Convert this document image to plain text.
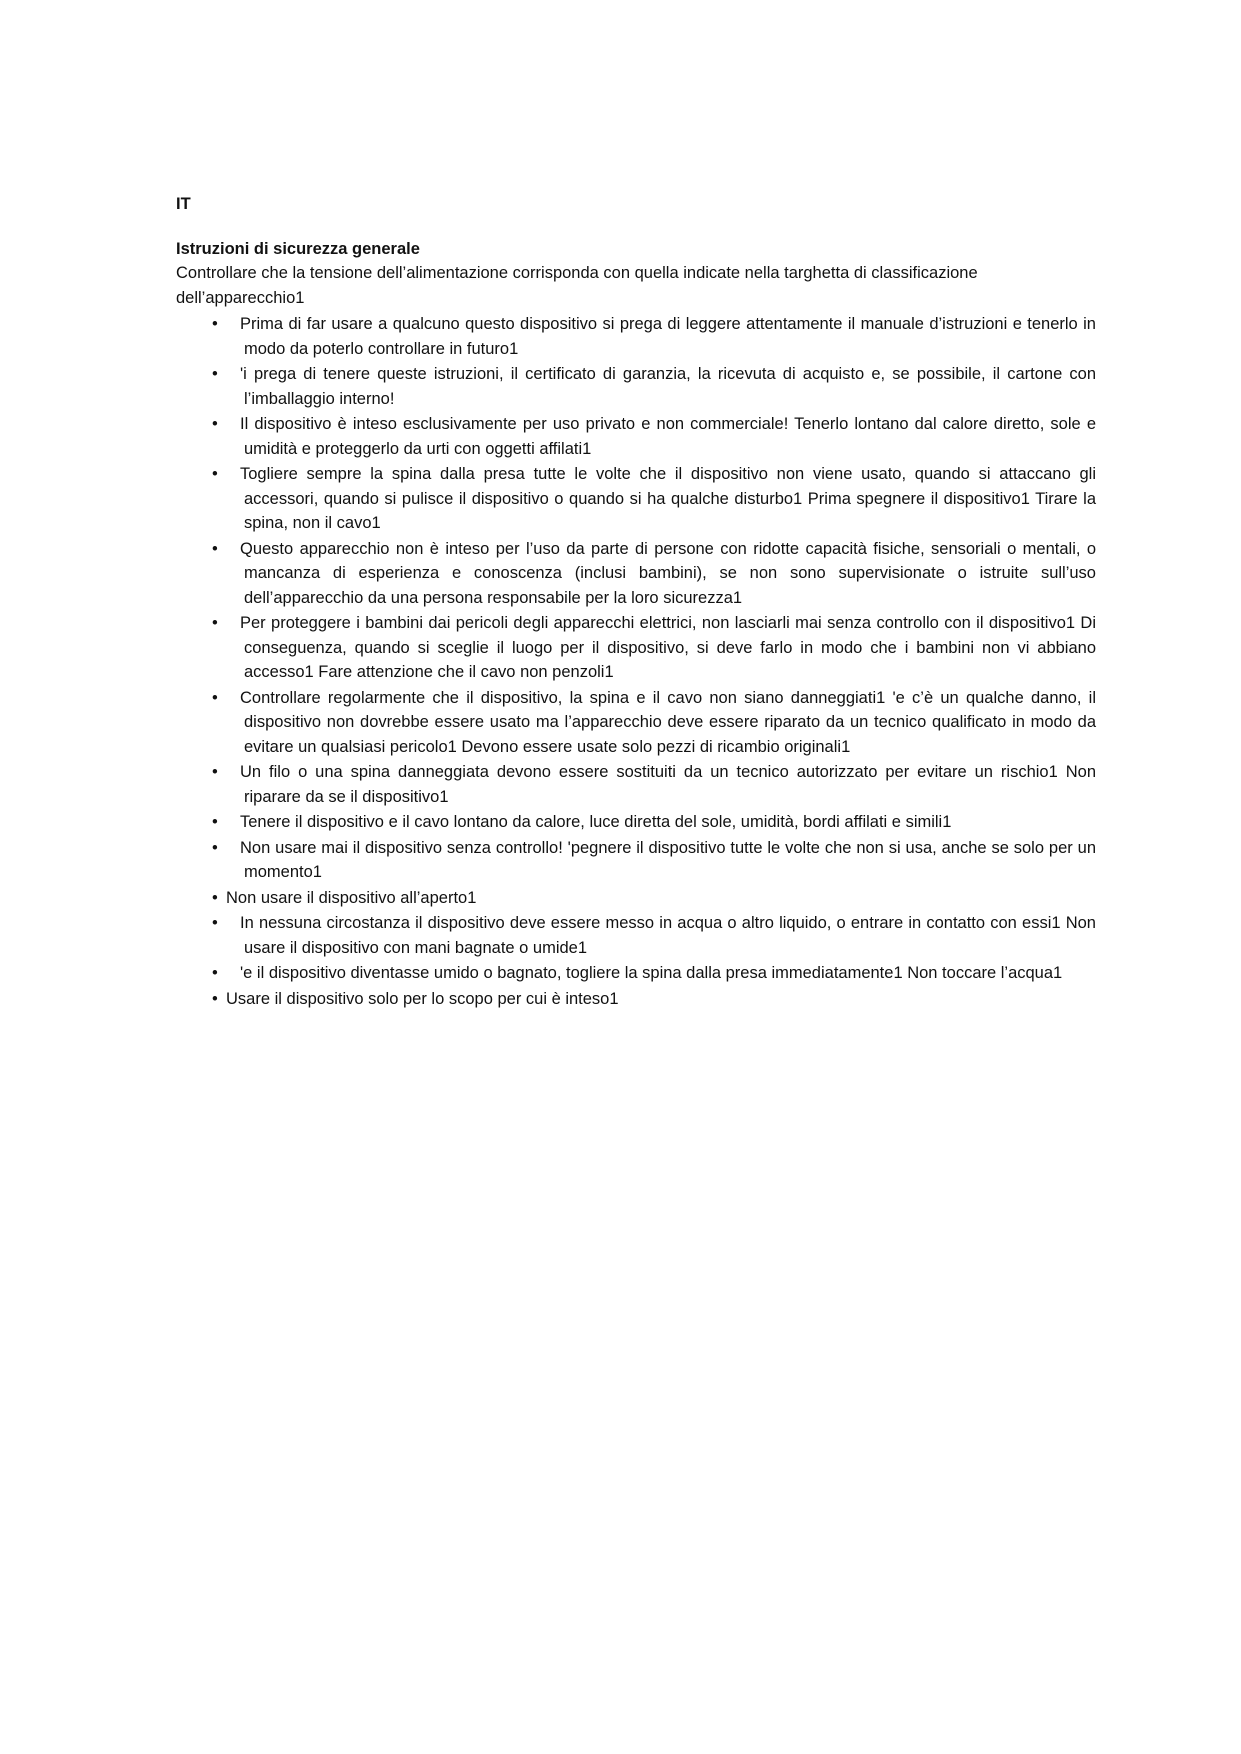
IT

Istruzioni di sicurezza generale

Controllare che la tensione dell’alimentazione corrisponda con quella indicate nella targhetta di classificazione dell’apparecchio1

• Prima di far usare a qualcuno questo dispositivo si prega di leggere attentamente il manuale d’istruzioni e tenerlo in modo da poterlo controllare in futuro1
• 'i prega di tenere queste istruzioni, il certificato di garanzia, la ricevuta di acquisto e, se possibile, il cartone con l’imballaggio interno!
• Il dispositivo è inteso esclusivamente per uso privato e non commerciale! Tenerlo lontano dal calore diretto, sole e umidità e proteggerlo da urti con oggetti affilati1
• Togliere sempre la spina dalla presa tutte le volte che il dispositivo non viene usato, quando si attaccano gli accessori, quando si pulisce il dispositivo o quando si ha qualche disturbo1 Prima spegnere il dispositivo1 Tirare la spina, non il cavo1
• Questo apparecchio non è inteso per l’uso da parte di persone con ridotte capacità fisiche, sensoriali o mentali, o mancanza di esperienza e conoscenza (inclusi bambini), se non sono supervisionate o istruite sull’uso dell’apparecchio da una persona responsabile per la loro sicurezza1
• Per proteggere i bambini dai pericoli degli apparecchi elettrici, non lasciarli mai senza controllo con il dispositivo1 Di conseguenza, quando si sceglie il luogo per il dispositivo, si deve farlo in modo che i bambini non vi abbiano accesso1 Fare attenzione che il cavo non penzoli1
• Controllare regolarmente che il dispositivo, la spina e il cavo non siano danneggiati1 'e c’è un qualche danno, il dispositivo non dovrebbe essere usato ma l’apparecchio deve essere riparato da un tecnico qualificato in modo da evitare un qualsiasi pericolo1 Devono essere usate solo pezzi di ricambio originali1
• Un filo o una spina danneggiata devono essere sostituiti da un tecnico autorizzato per evitare un rischio1 Non riparare da se il dispositivo1
• Tenere il dispositivo e il cavo lontano da calore, luce diretta del sole, umidità, bordi affilati e simili1
• Non usare mai il dispositivo senza controllo! 'pegnere il dispositivo tutte le volte che non si usa, anche se solo per un momento1
• Non usare il dispositivo all’aperto1
• In nessuna circostanza il dispositivo deve essere messo in acqua o altro liquido, o entrare in contatto con essi1 Non usare il dispositivo con mani bagnate o umide1
• 'e il dispositivo diventasse umido o bagnato, togliere la spina dalla presa immediatamente1 Non toccare l’acqua1
• Usare il dispositivo solo per lo scopo per cui è inteso1
